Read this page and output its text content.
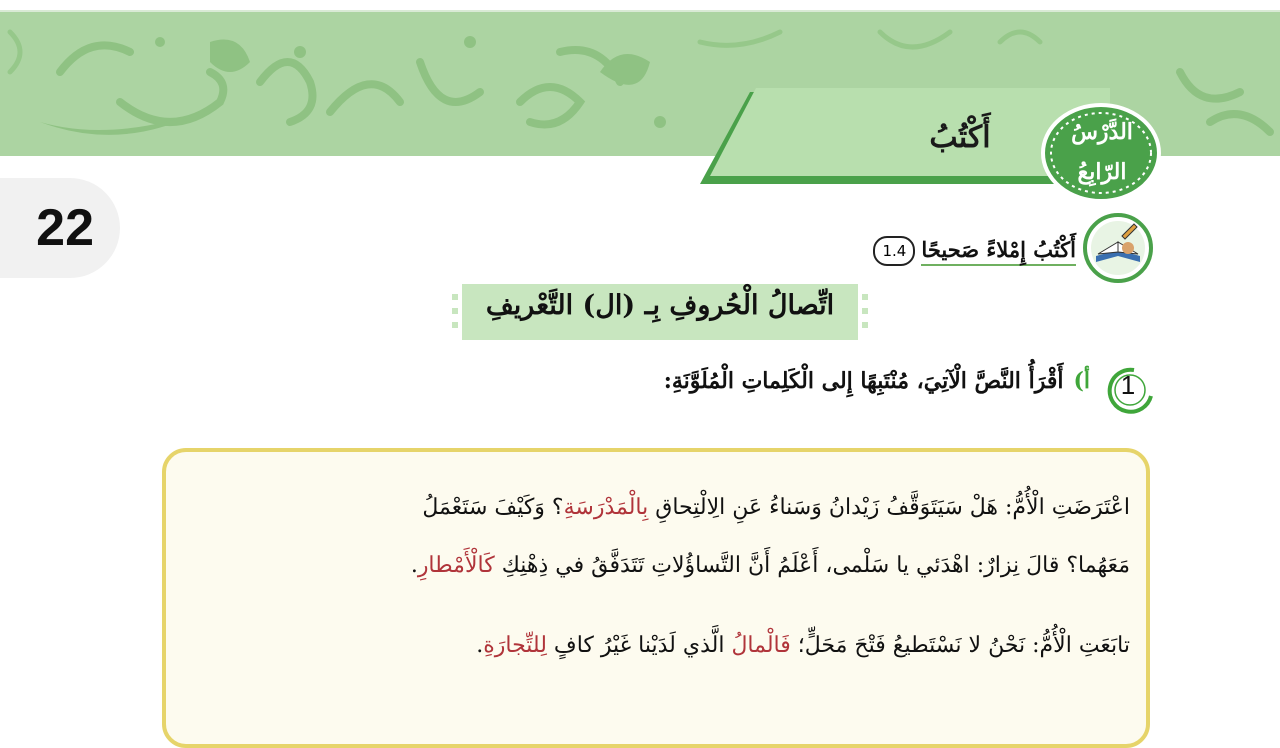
22
أَكْتُبُ	الدَّرْسُ
الرّابِعُ
أَكْتُبُ إِمْلاءً صَحيحًا
1.4
اتِّصالُ الْحُروفِ بِـ (ال) التَّعْريفِ
1
أ)أَقْرَأُ النَّصَّ الْآتِيَ، مُنْتَبِهًا إِلى الْكَلِماتِ الْمُلَوَّنَةِ:
اعْتَرَضَتِ الْأُمُّ: هَلْ سَيَتَوَقَّفُ زَيْدانُ وَسَناءُ عَنِ الِالْتِحاقِ بِالْمَدْرَسَةِ؟ وَكَيْفَ سَتَعْمَلُ
مَعَهُما؟ قالَ نِزارٌ: اهْدَئي يا سَلْمى، أَعْلَمُ أَنَّ التَّساؤُلاتِ تَتَدَفَّقُ في ذِهْنِكِ كَالْأَمْطارِ.
تابَعَتِ الْأُمُّ: نَحْنُ لا نَسْتَطيعُ فَتْحَ مَحَلٍّ؛ فَالْمالُ الَّذي لَدَيْنا غَيْرُ كافٍ لِلتِّجارَةِ.
